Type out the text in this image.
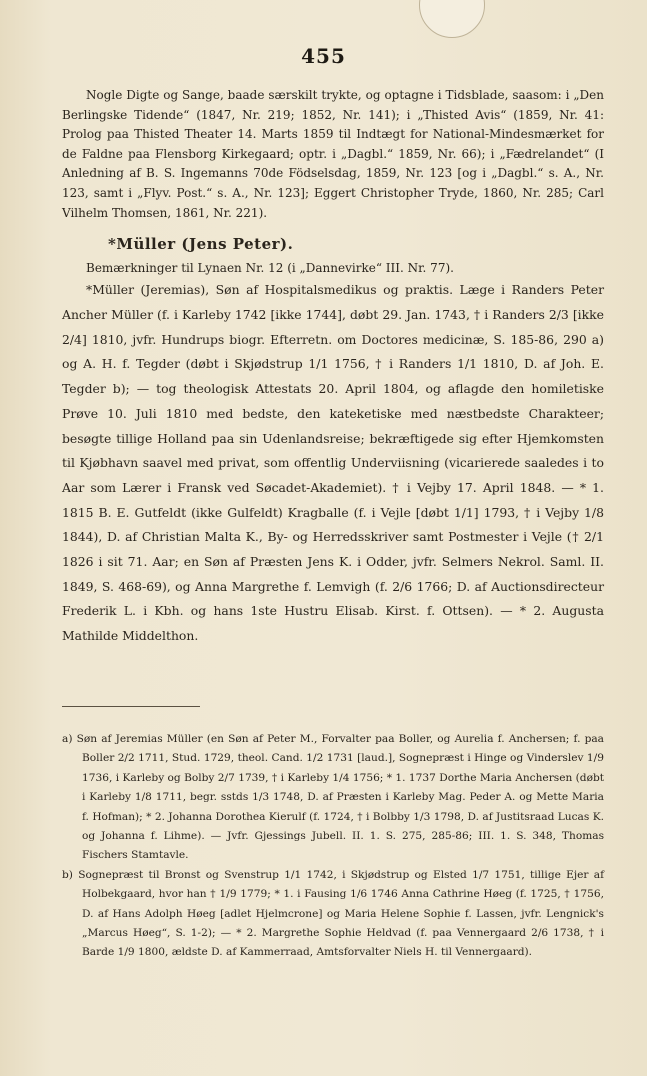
455

Nogle Digte og Sange, baade særskilt trykte, og optagne i Tidsblade, saasom: i „Den Berlingske Tidende“ (1847, Nr. 219; 1852, Nr. 141); i „Thisted Avis“ (1859, Nr. 41: Prolog paa Thisted Theater 14. Marts 1859 til Indtægt for National-Mindesmærket for de Faldne paa Flensborg Kirkegaard; optr. i „Dagbl.“ 1859, Nr. 66); i „Fædrelandet“ (I Anledning af B. S. Ingemanns 70de Födselsdag, 1859, Nr. 123 [og i „Dagbl.“ s. A., Nr. 123, samt i „Flyv. Post.“ s. A., Nr. 123]; Eggert Christopher Tryde, 1860, Nr. 285; Carl Vilhelm Thomsen, 1861, Nr. 221).

*Müller (Jens Peter).

Bemærkninger til Lynaen Nr. 12 (i „Dannevirke“ III. Nr. 77).

*Müller (Jeremias), Søn af Hospitalsmedikus og praktis. Læge i Randers Peter Ancher Müller (f. i Karleby 1742 [ikke 1744], døbt 29. Jan. 1743, † i Randers 2/3 [ikke 2/4] 1810, jvfr. Hundrups biogr. Efterretn. om Doctores medicinæ, S. 185-86, 290 a) og A. H. f. Tegder (døbt i Skjødstrup 1/1 1756, † i Randers 1/1 1810, D. af Joh. E. Tegder b); — tog theologisk Attestats 20. April 1804, og aflagde den homiletiske Prøve 10. Juli 1810 med bedste, den kateketiske med næstbedste Charakteer; besøgte tillige Holland paa sin Udenlandsreise; bekræftigede sig efter Hjemkomsten til Kjøbhavn saavel med privat, som offentlig Underviisning (vicarierede saaledes i to Aar som Lærer i Fransk ved Søcadet-Akademiet). † i Vejby 17. April 1848. — * 1. 1815 B. E. Gutfeldt (ikke Gulfeldt) Kragballe (f. i Vejle [døbt 1/1] 1793, † i Vejby 1/8 1844), D. af Christian Malta K., By- og Herredsskriver samt Postmester i Vejle († 2/1 1826 i sit 71. Aar; en Søn af Præsten Jens K. i Odder, jvfr. Selmers Nekrol. Saml. II. 1849, S. 468-69), og Anna Margrethe f. Lemvigh (f. 2/6 1766; D. af Auctionsdirecteur Frederik L. i Kbh. og hans 1ste Hustru Elisab. Kirst. f. Ottsen). — * 2. Augusta Mathilde Middelthon.

a) Søn af Jeremias Müller (en Søn af Peter M., Forvalter paa Boller, og Aurelia f. Anchersen; f. paa Boller 2/2 1711, Stud. 1729, theol. Cand. 1/2 1731 [laud.], Sognepræst i Hinge og Vinderslev 1/9 1736, i Karleby og Bolby 2/7 1739, † i Karleby 1/4 1756; * 1. 1737 Dorthe Maria Anchersen (døbt i Karleby 1/8 1711, begr. sstds 1/3 1748, D. af Præsten i Karleby Mag. Peder A. og Mette Maria f. Hofman); * 2. Johanna Dorothea Kierulf (f. 1724, † i Bolbby 1/3 1798, D. af Justitsraad Lucas K. og Johanna f. Lihme). — Jvfr. Gjessings Jubell. II. 1. S. 275, 285-86; III. 1. S. 348, Thomas Fischers Stamtavle.

b) Sognepræst til Bronst og Svenstrup 1/1 1742, i Skjødstrup og Elsted 1/7 1751, tillige Ejer af Holbekgaard, hvor han † 1/9 1779; * 1. i Fausing 1/6 1746 Anna Cathrine Høeg (f. 1725, † 1756, D. af Hans Adolph Høeg [adlet Hjelmcrone] og Maria Helene Sophie f. Lassen, jvfr. Lengnick's „Marcus Høeg“, S. 1-2); — * 2. Margrethe Sophie Heldvad (f. paa Vennergaard 2/6 1738, † i Barde 1/9 1800, ældste D. af Kammerraad, Amtsforvalter Niels H. til Vennergaard).
